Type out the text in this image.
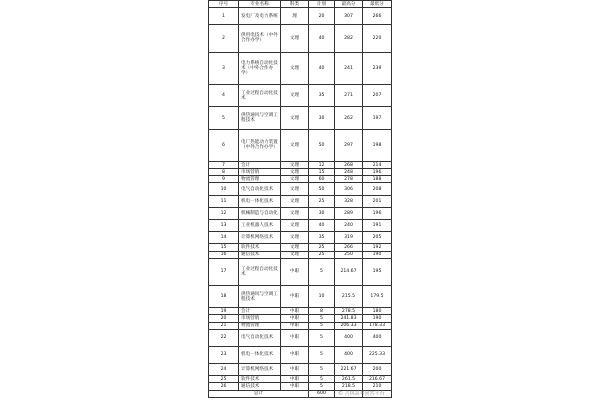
序号	专业名称	科类	计划	最高分	最低分
1	发电厂及电力系统	理	20	307	266
2	供用电技术（中外合作办学）	文理	40	282	220
3	电力系统自动化技术（中外合作办学）	文理	40	241	239
4	工业过程自动化技术	文理	35	271	207
5	供热通风与空调工程技术	文理	30	262	197
6	电厂热能动力装置（中外合作办学）	文理	50	297	198
7	会计	文理	12	268	214
8	市场营销	文理	15	248	196
9	物流管理	文理	60	278	188
10	电气自动化技术	文理	50	306	208
11	机电一体化技术	文理	25	328	201
12	机械制造与自动化	文理	30	289	196
13	工业机器人技术	文理	40	240	191
14	计算机网络技术	文理	35	319	205
15	软件技术	文理	25	266	192
16	通信技术	文理	25	250	190
17	工业过程自动化技术	中职	5	214.67	195
18	供热通风与空调工程技术	中职	10	215.5	179.5
19	会计	中职	8	278.5	180
20	市场营销	中职	5	241.83	190
21	物流管理	中职	5	206.33	178.33
22	电气自动化技术	中职	5	400	400
23	机电一体化技术	中职	5	400	225.33
24	计算机网络技术	中职	5	221.67	200
25	软件技术	中职	5	261.5	216.67
26	通信技术	中职	5	218.5	210
总计			600		© 吉林高考问答平台
